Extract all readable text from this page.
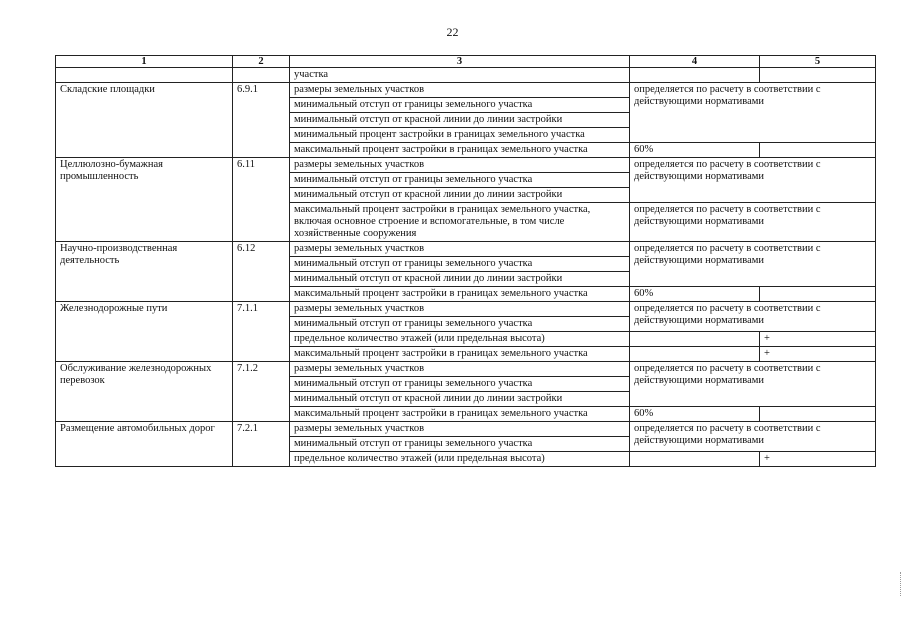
22
1	2	3	4	5
		участка		
Складские площадки	6.9.1	размеры земельных участков	определяется по расчету в соответствии с действующими нормативами	
		минимальный отступ от границы земельного участка		
		минимальный отступ от красной линии до линии застройки		
		минимальный процент застройки в границах земельного участка		
		максимальный процент застройки в границах земельного участка	60%	
Целлюлозно-бумажная промышленность	6.11	размеры земельных участков	определяется по расчету в соответствии с действующими нормативами	
		минимальный отступ от границы земельного участка		
		минимальный отступ от красной линии до линии застройки		
		максимальный процент застройки в границах земельного участка, включая основное строение и вспомогательные, в том числе хозяйственные сооружения	определяется по расчету в соответствии с действующими нормативами	
Научно-производственная деятельность	6.12	размеры земельных участков	определяется по расчету в соответствии с действующими нормативами	
		минимальный отступ от границы земельного участка		
		минимальный отступ от красной линии до линии застройки		
		максимальный процент застройки в границах земельного участка	60%	
Железнодорожные пути	7.1.1	размеры земельных участков	определяется по расчету в соответствии с действующими нормативами	
		минимальный отступ от границы земельного участка		
		предельное количество этажей (или предельная высота)		+
		максимальный процент застройки в границах земельного участка		+
Обслуживание железнодорожных перевозок	7.1.2	размеры земельных участков	определяется по расчету в соответствии с действующими нормативами	
		минимальный отступ от границы земельного участка		
		минимальный отступ от красной линии до линии застройки		
		максимальный процент застройки в границах земельного участка	60%	
Размещение автомобильных дорог	7.2.1	размеры земельных участков	определяется по расчету в соответствии с действующими нормативами	
		минимальный отступ от границы земельного участка		
		предельное количество этажей (или предельная высота)		+
